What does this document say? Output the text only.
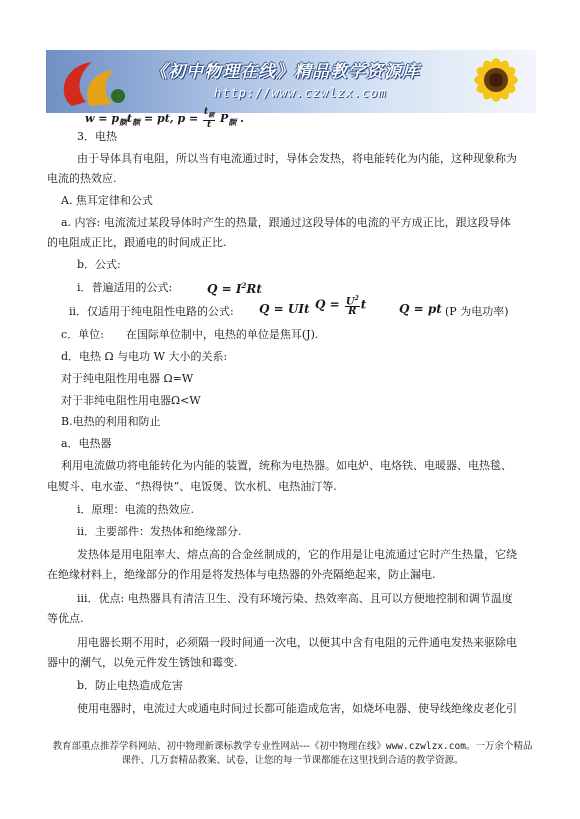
《初中物理在线》精品教学资源库
http://www.czwlzx.com
$w = p_额t_额$ = pt, $p = \frac{t_额}{t} P_额$ .
3．电热
由于导体具有电阻，所以当有电流通过时，导体会发热，将电能转化为内能，这种现象称为
电流的热效应.
A. 焦耳定律和公式
a. 内容: 电流流过某段导体时产生的热量，跟通过这段导体的电流的平方成正比，跟这段导体
的电阻成正比，跟通电的时间成正比.
b．公式:
i．普遍适用的公式:	$Q = I^2Rt$
ii．仅适用于纯电阻性电路的公式: Q = UIt $Q = \frac{U^2}{R}$ t	Q = pt (P 为电功率)
c．单位:　　在国际单位制中，电热的单位是焦耳(J).
d．电热 Ω 与电功 W 大小的关系:
对于纯电阻性用电器 Ω=W
对于非纯电阻性用电器Ω<W
B.电热的利用和防止
a．电热器
利用电流做功将电能转化为内能的装置，统称为电热器。如电炉、电烙铁、电暖器、电热毯、
电熨斗、电水壶、“热得快”、电饭煲、饮水机、电热油汀等.
i．原理：电流的热效应.
ii．主要部件：发热体和绝缘部分.
发热体是用电阻率大、熔点高的合金丝制成的，它的作用是让电流通过它时产生热量，它绕
在绝缘材料上，绝缘部分的作用是将发热体与电热器的外壳隔绝起来，防止漏电.
iii．优点: 电热器具有清洁卫生、没有环境污染、热效率高、且可以方便地控制和调节温度
等优点.
用电器长期不用时，必须隔一段时间通一次电，以便其中含有电阻的元件通电发热来驱除电
器中的潮气，以免元件发生锈蚀和霉变.
b．防止电热造成危害
使用电器时，电流过大或通电时间过长都可能造成危害，如烧坏电器、使导线绝缘皮老化引
教育部重点推荐学科网站、初中物理新课标教学专业性网站---《初中物理在线》www.czwlzx.com。一万余个精品
课件、几万套精品教案、试卷，让您的每一节课都能在这里找到合适的教学资源。
